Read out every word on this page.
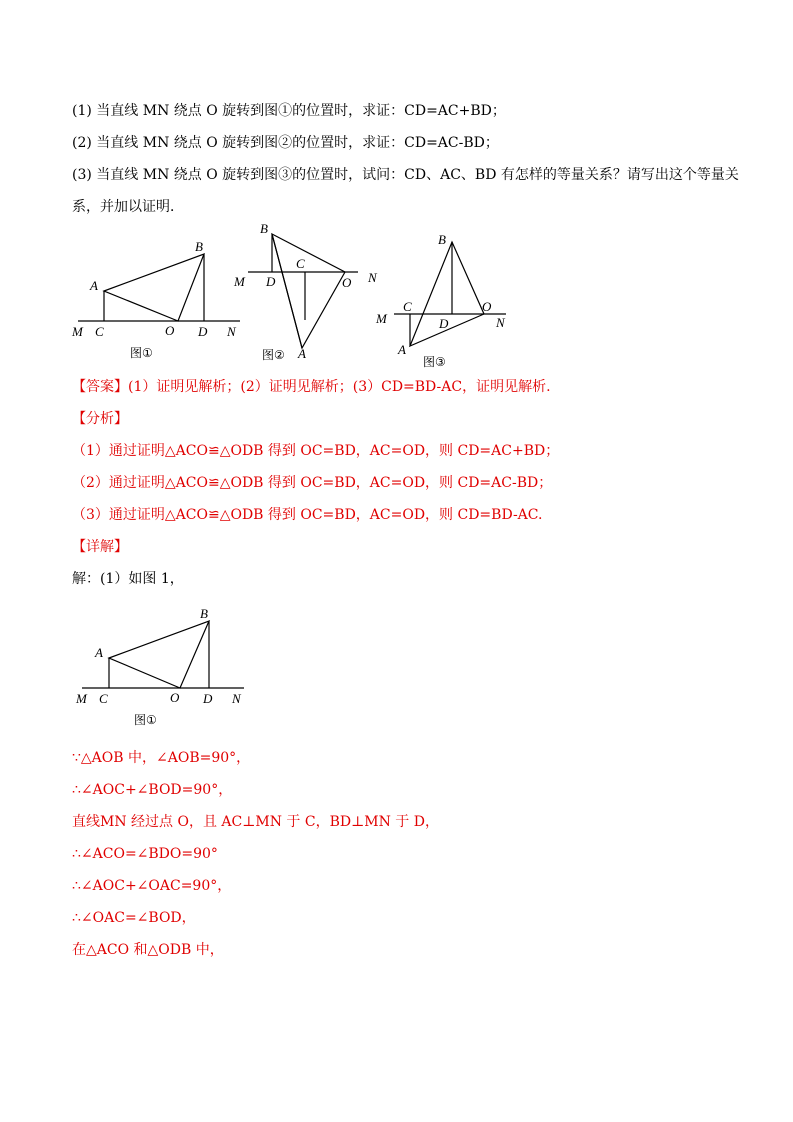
(1) 当直线 MN 绕点 O 旋转到图①的位置时，求证：CD=AC+BD；
(2) 当直线 MN 绕点 O 旋转到图②的位置时，求证：CD=AC-BD；
(3) 当直线 MN 绕点 O 旋转到图③的位置时，试问：CD、AC、BD 有怎样的等量关系？请写出这个等量关
系，并加以证明．
A
B
C	O D
M	N
图①
B
C
D	O
M	N
A
图②
B
C	O
D
M	N
A
图③
【答案】(1）证明见解析；(2）证明见解析；(3）CD=BD-AC，证明见解析.
【分析】
（1）通过证明△ACO≌△ODB 得到 OC=BD，AC=OD，则 CD=AC+BD；
（2）通过证明△ACO≌△ODB 得到 OC=BD，AC=OD，则 CD=AC-BD；
（3）通过证明△ACO≌△ODB 得到 OC=BD，AC=OD，则 CD=BD-AC.
【详解】
解：(1）如图 1，
A
B
C	O D
M	N
图①
∵△AOB 中，∠AOB=90°，
∴∠AOC+∠BOD=90°，
直线MN 经过点 O，且 AC⊥MN 于 C，BD⊥MN 于 D，
∴∠ACO=∠BDO=90°
∴∠AOC+∠OAC=90°，
∴∠OAC=∠BOD，
在△ACO 和△ODB 中，
